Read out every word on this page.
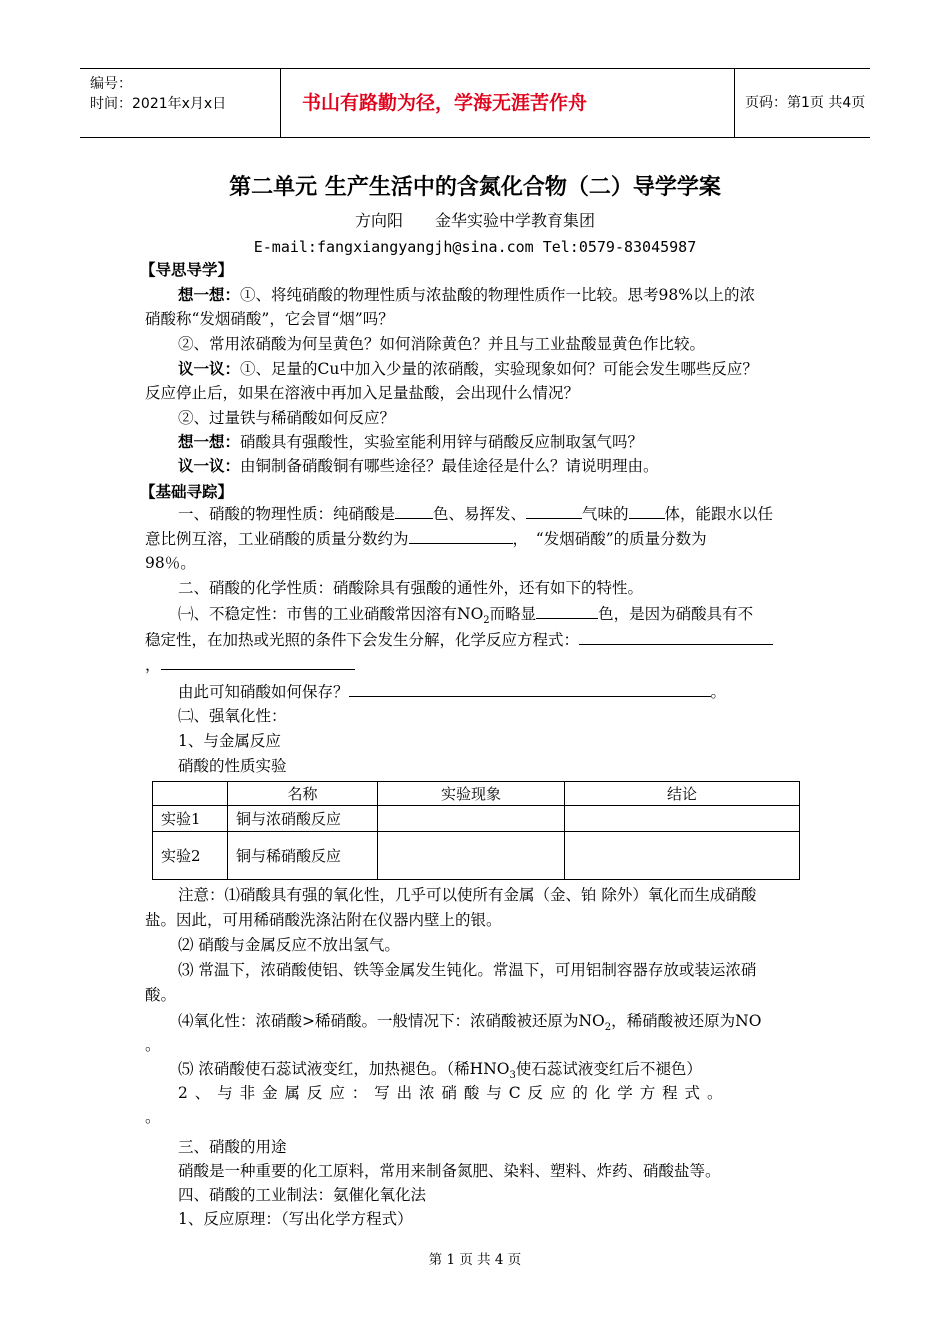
编号：
时间：2021年x月x日	书山有路勤为径，学海无涯苦作舟	页码：第1页 共4页
第二单元 生产生活中的含氮化合物（二）导学学案
方向阳　　金华实验中学教育集团
E-mail:fangxiangyangjh@sina.com Tel:0579-83045987
【导思导学】
想一想：①、将纯硝酸的物理性质与浓盐酸的物理性质作一比较。思考98%以上的浓
硝酸称“发烟硝酸”，它会冒“烟”吗？
②、常用浓硝酸为何呈黄色？如何消除黄色？并且与工业盐酸显黄色作比较。
议一议：①、足量的Cu中加入少量的浓硝酸，实验现象如何？可能会发生哪些反应？
反应停止后，如果在溶液中再加入足量盐酸，会出现什么情况？
②、过量铁与稀硝酸如何反应？
想一想：硝酸具有强酸性，实验室能利用锌与硝酸反应制取氢气吗？
议一议：由铜制备硝酸铜有哪些途径？最佳途径是什么？请说明理由。
【基础寻踪】
一、硝酸的物理性质：纯硝酸是 色、易挥发、	气味的 体，能跟水以任
意比例互溶，工业硝酸的质量分数约为	，　“发烟硝酸”的质量分数为
98％。
二、硝酸的化学性质：硝酸除具有强酸的通性外，还有如下的特性。
㈠、不稳定性：市售的工业硝酸常因溶有$NO_2$而略显	色，是因为硝酸具有不
稳定性，在加热或光照的条件下会发生分解，化学反应方程式：
，
由此可知硝酸如何保存？	。
㈡、强氧化性：
1、与金属反应
硝酸的性质实验
	名称	实验现象	结论
实验1	铜与浓硝酸反应		
实验2	铜与稀硝酸反应		
注意：⑴硝酸具有强的氧化性，几乎可以使所有金属（金、铂 除外）氧化而生成硝酸
盐。因此，可用稀硝酸洗涤沾附在仪器内壁上的银。
⑵ 硝酸与金属反应不放出氢气。
⑶ 常温下，浓硝酸使铝、铁等金属发生钝化。常温下，可用铝制容器存放或装运浓硝
酸。
⑷氧化性：浓硝酸>稀硝酸。一般情况下：浓硝酸被还原为$NO_2$，稀硝酸被还原为NO
。
⑸ 浓硝酸使石蕊试液变红，加热褪色。（稀$HNO_3$使石蕊试液变红后不褪色）
2 、 与 非 金 属 反 应 ： 写 出 浓 硝 酸 与 C 反 应 的 化 学 方 程 式 。
。
三、硝酸的用途
硝酸是一种重要的化工原料，常用来制备氮肥、染料、塑料、炸药、硝酸盐等。
四、硝酸的工业制法：氨催化氧化法
1、反应原理：（写出化学方程式）
第 1 页 共 4 页
